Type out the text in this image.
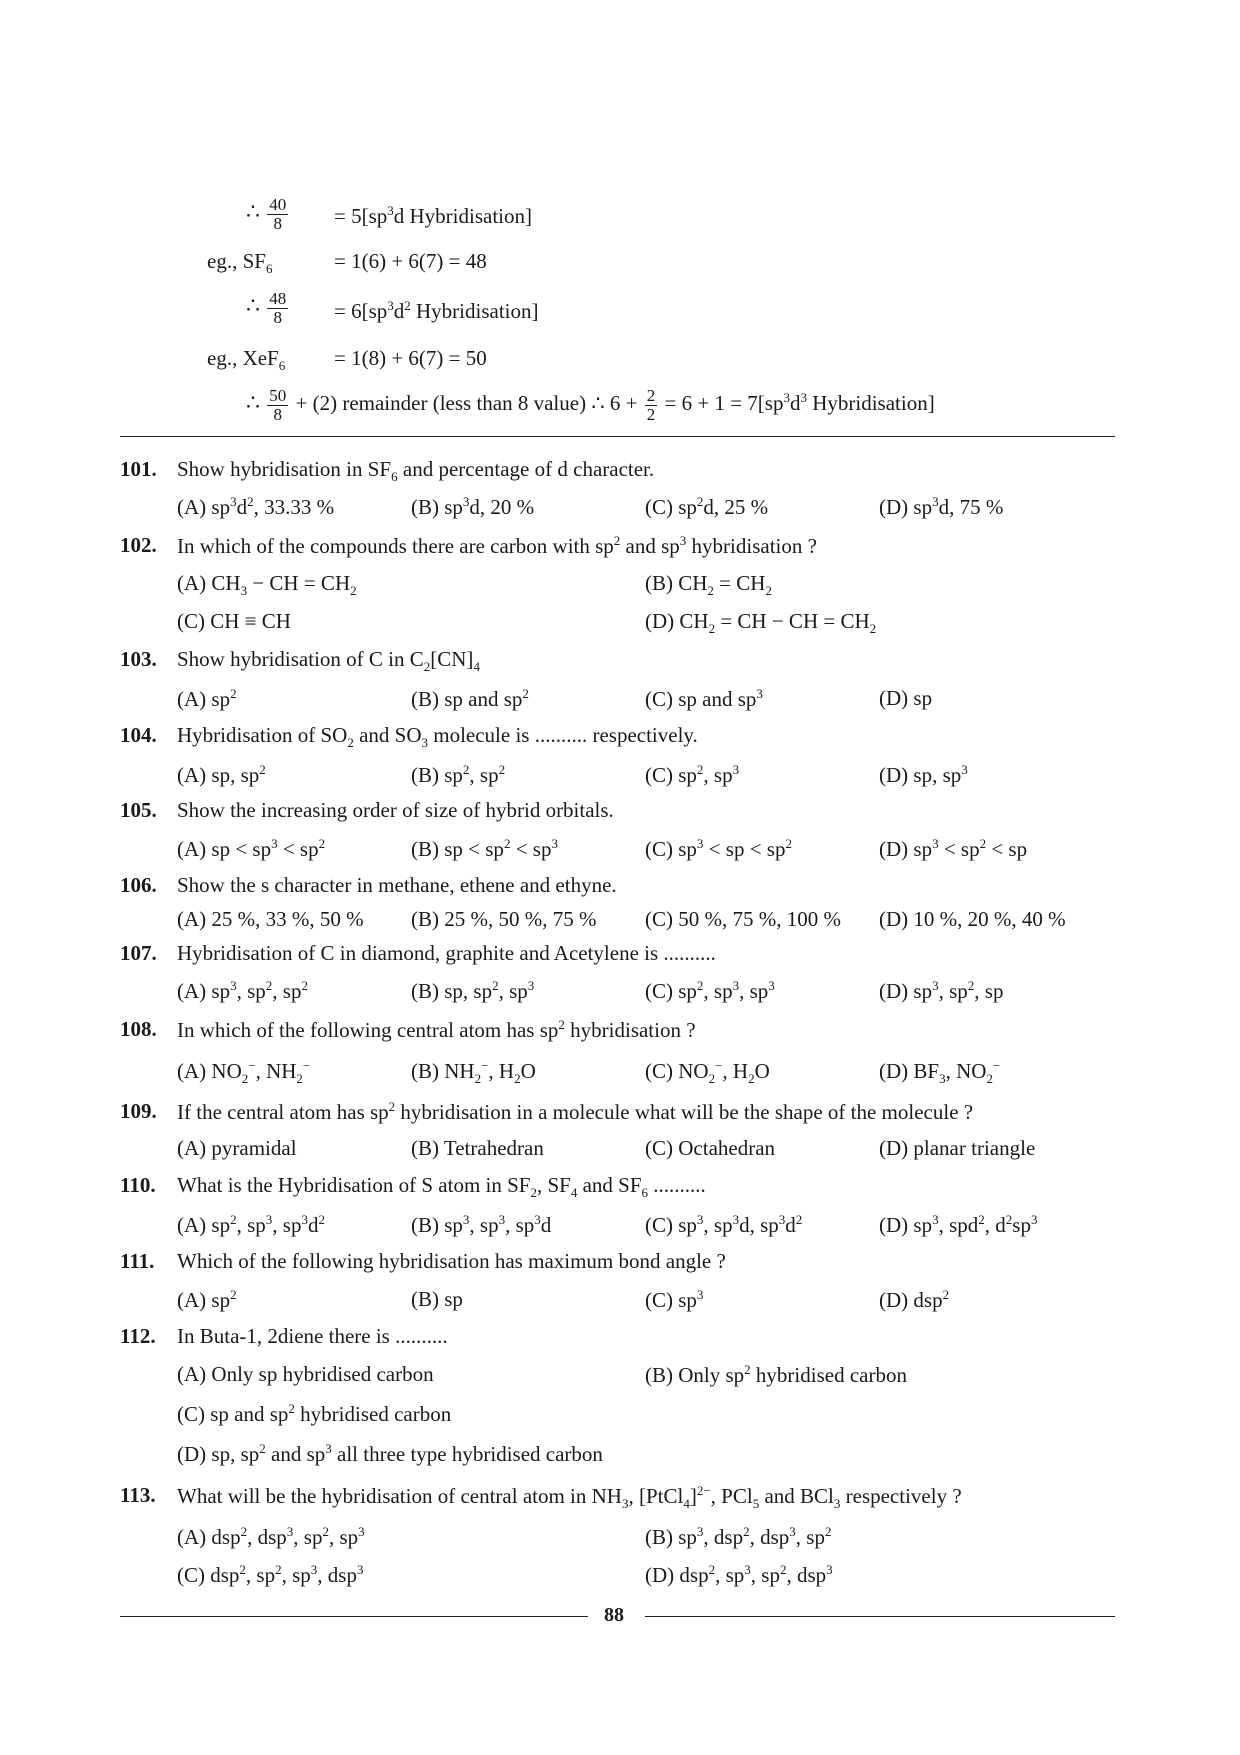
∴ $\frac{40}{8} = 5[sp^3d$ Hybridisation]
eg., $SF_6$	= 1(6) + 6(7) = 48
∴ $\frac{48}{8} = 6[sp^3d^2$ Hybridisation]
eg., XeF$_6$ = 1(8) + 6(7) = 50
∴ $\frac{50}{8} + (2)$ remainder (less than 8 value) ∴ $6 + \frac{2}{2} = 6 + 1 = 7[sp^3d^3$ Hybridisation]
101. Show hybridisation in $SF_6$ and percentage of d character.
(A) $sp^3d^2$, 33.33 %	(B) $sp^3d$, 20 %	(C) $sp^2d$, 25 %	(D) $sp^3d$, 75 %
102. In which of the compounds there are carbon with $sp^2$ and $sp^3$ hybridisation ?
(A) $CH_3$ − CH = $CH_2$	(B) $CH_2 = CH_2$
(C) CH ≡ CH	(D) $CH_2$ = CH − CH = $CH_2$
103. Show hybridisation of C in $C_2[CN]_4$
(A) $sp^2$	(B) sp and $sp^2$	(C) sp and $sp^3$	(D) sp
104. Hybridisation of $SO_2$ and $SO_3$ molecule is .......... respectively.
(A) sp, $sp^2$	(B) $sp^2$, $sp^2$	(C) $sp^2$, $sp^3$	(D) sp, $sp^3$
105. Show the increasing order of size of hybrid orbitals.
(A) sp < $sp^3 < sp^2$	(B) sp < $sp^2 < sp^3$	(C) $sp^3$ < sp < $sp^2$	(D) $sp^3 < sp^2$ < sp
106. Show the s character in methane, ethene and ethyne.
(A) 25 %, 33 %, 50 % (B) 25 %, 50 %, 75 % (C) 50 %, 75 %, 100 % (D) 10 %, 20 %, 40 %
107. Hybridisation of C in diamond, graphite and Acetylene is ..........
(A) $sp^3$, $sp^2$, $sp^2$	(B) sp, $sp^2$, $sp^3$	(C) $sp^2$, $sp^3$, $sp^3$	(D) $sp^3$, $sp^2$, sp
108. In which of the following central atom has $sp^2$ hybridisation ?
(A) $NO_2^-$, $NH_2^-$	(B) $NH_2^-$, $H_2O$	(C) $NO_2^-$, $H_2O$	(D) $BF_3$, $NO_2^-$
109. If the central atom has $sp^2$ hybridisation in a molecule what will be the shape of the molecule ?
(A) pyramidal	(B) Tetrahedran	(C) Octahedran	(D) planar triangle
110. What is the Hybridisation of S atom in $SF_2$, $SF_4$ and $SF_6$ ..........
(A) $sp^2$, $sp^3$, $sp^3d^2$	(B) $sp^3$, $sp^3$, $sp^3d$	(C) $sp^3$, $sp^3d$, $sp^3d^2$	(D) $sp^3$, spd$^2$, $d^2sp^3$
111. Which of the following hybridisation has maximum bond angle ?
(A) $sp^2$	(B) sp	(C) $sp^3$	(D) dsp$^2$
112. In Buta-1, 2diene there is ..........
(A) Only sp hybridised carbon	(B) Only $sp^2$ hybridised carbon
(C) sp and $sp^2$ hybridised carbon
(D) sp, $sp^2$ and $sp^3$ all three type hybridised carbon
113. What will be the hybridisation of central atom in $NH_3$, [PtCl$_4$]$^{2-}$, PCl$_5$ and BCl$_3$ respectively ?
(A) dsp$^2$, dsp$^3$, $sp^2$, $sp^3$	(B) $sp^3$, dsp$^2$, dsp$^3$, $sp^2$
(C) dsp$^2$, $sp^2$, $sp^3$, dsp$^3$	(D) dsp$^2$, $sp^3$, $sp^2$, dsp$^3$
88
